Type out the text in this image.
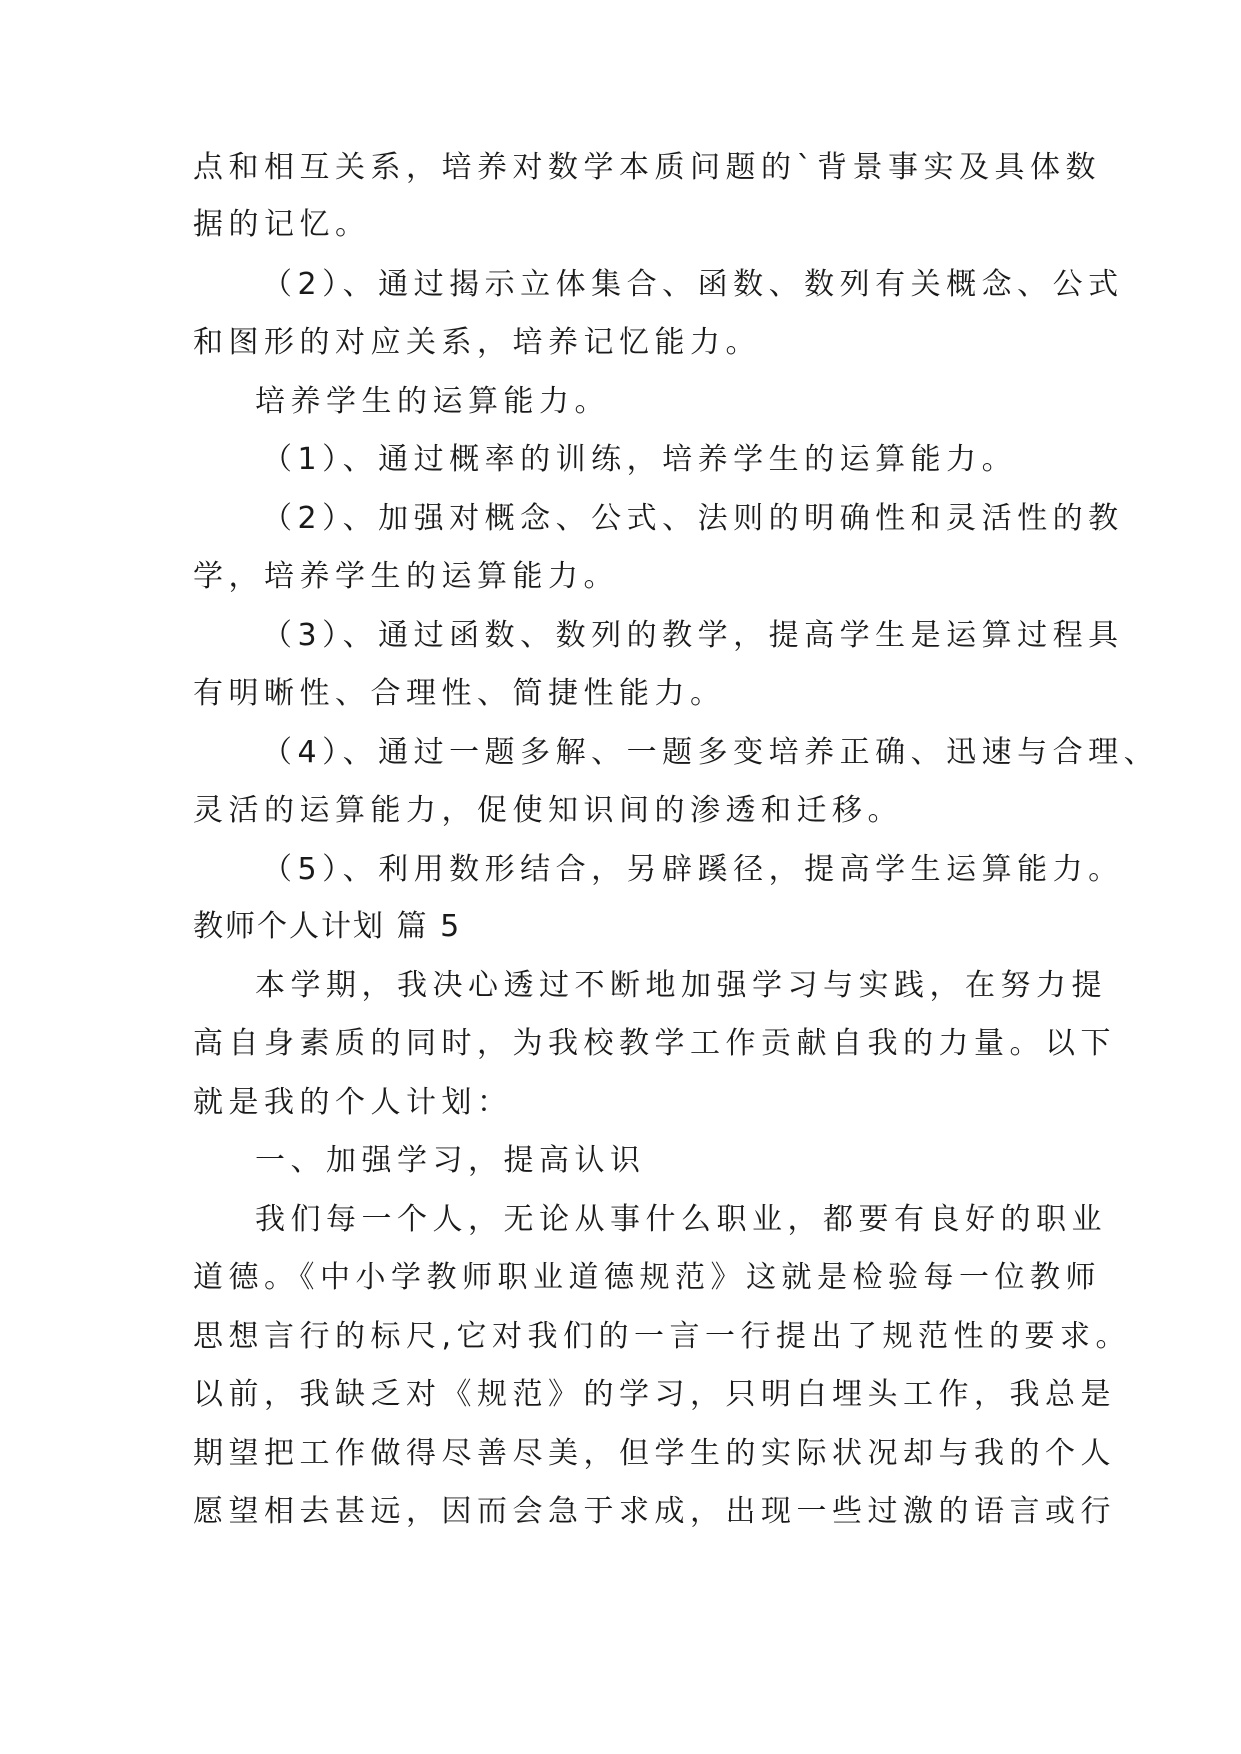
点和相互关系，培养对数学本质问题的`背景事实及具体数
据的记忆。
（2）、通过揭示立体集合、函数、数列有关概念、公式
和图形的对应关系，培养记忆能力。
培养学生的运算能力。
（1）、通过概率的训练，培养学生的运算能力。
（2）、加强对概念、公式、法则的明确性和灵活性的教
学，培养学生的运算能力。
（3）、通过函数、数列的教学，提高学生是运算过程具
有明晰性、合理性、简捷性能力。
（4）、通过一题多解、一题多变培养正确、迅速与合理、
灵活的运算能力，促使知识间的渗透和迁移。
（5）、利用数形结合，另辟蹊径，提高学生运算能力。
教师个人计划 篇 5
本学期，我决心透过不断地加强学习与实践，在努力提
高自身素质的同时，为我校教学工作贡献自我的力量。以下
就是我的个人计划：
一、加强学习，提高认识
我们每一个人，无论从事什么职业，都要有良好的职业
道德。《中小学教师职业道德规范》这就是检验每一位教师
思想言行的标尺,它对我们的一言一行提出了规范性的要求。
以前，我缺乏对《规范》的学习，只明白埋头工作，我总是
期望把工作做得尽善尽美，但学生的实际状况却与我的个人
愿望相去甚远，因而会急于求成，出现一些过激的语言或行
